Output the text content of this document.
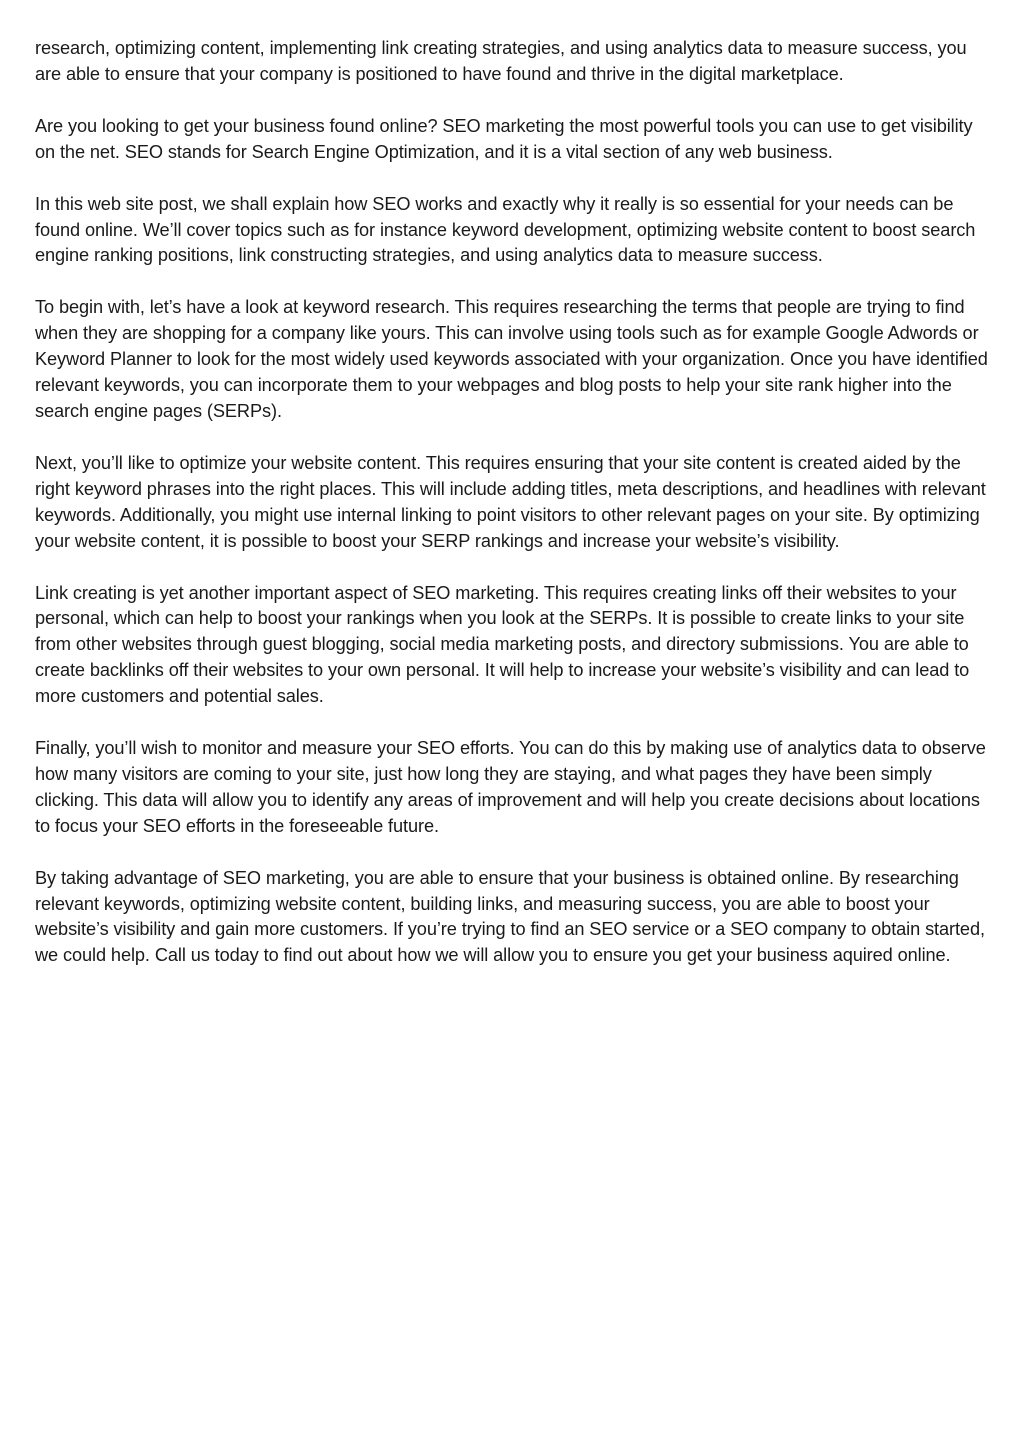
research, optimizing content, implementing link creating strategies, and using analytics data to measure success, you are able to ensure that your company is positioned to have found and thrive in the digital marketplace.

Are you looking to get your business found online? SEO marketing the most powerful tools you can use to get visibility on the net. SEO stands for Search Engine Optimization, and it is a vital section of any web business.

In this web site post, we shall explain how SEO works and exactly why it really is so essential for your needs can be found online. We’ll cover topics such as for instance keyword development, optimizing website content to boost search engine ranking positions, link constructing strategies, and using analytics data to measure success.

To begin with, let’s have a look at keyword research. This requires researching the terms that people are trying to find when they are shopping for a company like yours. This can involve using tools such as for example Google Adwords or Keyword Planner to look for the most widely used keywords associated with your organization. Once you have identified relevant keywords, you can incorporate them to your webpages and blog posts to help your site rank higher into the search engine pages (SERPs).

Next, you’ll like to optimize your website content. This requires ensuring that your site content is created aided by the right keyword phrases into the right places. This will include adding titles, meta descriptions, and headlines with relevant keywords. Additionally, you might use internal linking to point visitors to other relevant pages on your site. By optimizing your website content, it is possible to boost your SERP rankings and increase your website’s visibility.

Link creating is yet another important aspect of SEO marketing. This requires creating links off their websites to your personal, which can help to boost your rankings when you look at the SERPs. It is possible to create links to your site from other websites through guest blogging, social media marketing posts, and directory submissions. You are able to create backlinks off their websites to your own personal. It will help to increase your website’s visibility and can lead to more customers and potential sales.

Finally, you’ll wish to monitor and measure your SEO efforts. You can do this by making use of analytics data to observe how many visitors are coming to your site, just how long they are staying, and what pages they have been simply clicking. This data will allow you to identify any areas of improvement and will help you create decisions about locations to focus your SEO efforts in the foreseeable future.

By taking advantage of SEO marketing, you are able to ensure that your business is obtained online. By researching relevant keywords, optimizing website content, building links, and measuring success, you are able to boost your website’s visibility and gain more customers. If you’re trying to find an SEO service or a SEO company to obtain started, we could help. Call us today to find out about how we will allow you to ensure you get your business aquired online.
